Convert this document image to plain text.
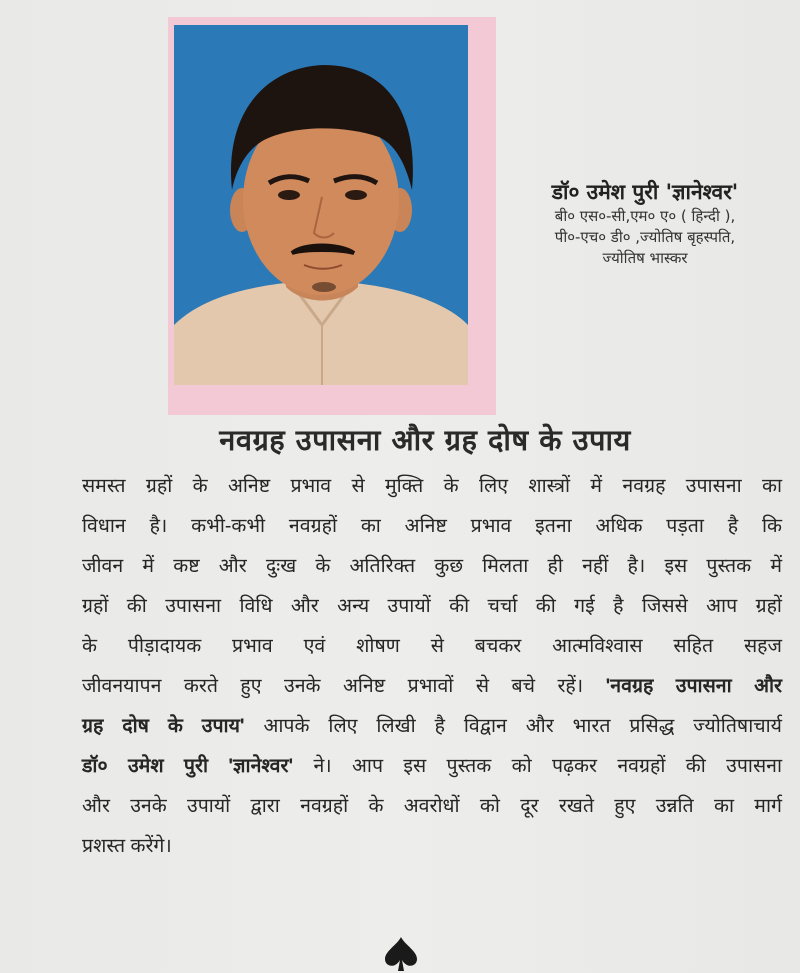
डॉ० उमेश पुरी 'ज्ञानेश्वर'
बी० एस०-सी,एम० ए० ( हिन्दी ),
पी०-एच० डी० ,ज्योतिष बृहस्पति,
ज्योतिष भास्कर
नवग्रह उपासना और ग्रह दोष के उपाय
समस्त ग्रहों के अनिष्ट प्रभाव से मुक्ति के लिए शास्त्रों में नवग्रह उपासना का
विधान है। कभी-कभी नवग्रहों का अनिष्ट प्रभाव इतना अधिक पड़ता है कि
जीवन में कष्ट और दुःख के अतिरिक्त कुछ मिलता ही नहीं है। इस पुस्तक में
ग्रहों की उपासना विधि और अन्य उपायों की चर्चा की गई है जिससे आप ग्रहों
के पीड़ादायक प्रभाव एवं शोषण से बचकर आत्मविश्वास सहित सहज
जीवनयापन करते हुए उनके अनिष्ट प्रभावों से बचे रहें। 'नवग्रह उपासना और
ग्रह दोष के उपाय' आपके लिए लिखी है विद्वान और भारत प्रसिद्ध ज्योतिषाचार्य
डॉ० उमेश पुरी 'ज्ञानेश्वर' ने। आप इस पुस्तक को पढ़कर नवग्रहों की उपासना
और उनके उपायों द्वारा नवग्रहों के अवरोधों को दूर रखते हुए उन्नति का मार्ग
प्रशस्त करेंगे।
